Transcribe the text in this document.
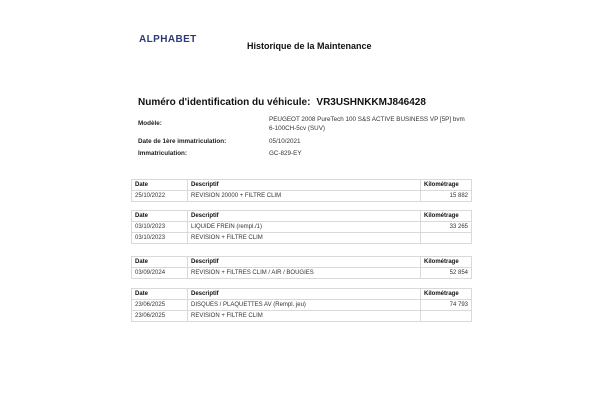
ALPHABET
Historique de la Maintenance
Numéro d'identification du véhicule: VR3USHNKKMJ846428
Modèle:
PEUGEOT 2008 PureTech 100 S&S ACTIVE BUSINESS VP [5P] bvm
6-100CH-5cv (SUV)
Date de 1ère immatriculation:	05/10/2021
Immatriculation:	GC-829-EY
Date	Descriptif	Kilométrage
25/10/2022	REVISION 20000 + FILTRE CLIM	15 882
Date	Descriptif	Kilométrage
03/10/2023	LIQUIDE FREIN (rempl./1)	33 265
03/10/2023	REVISION + FILTRE CLIM	
Date	Descriptif	Kilométrage
03/09/2024	REVISION + FILTRES CLIM / AIR / BOUGIES	52 854
Date	Descriptif	Kilométrage
23/06/2025	DISQUES / PLAQUETTES AV (Rempl. jeu)	74 793
23/06/2025	REVISION + FILTRE CLIM	
